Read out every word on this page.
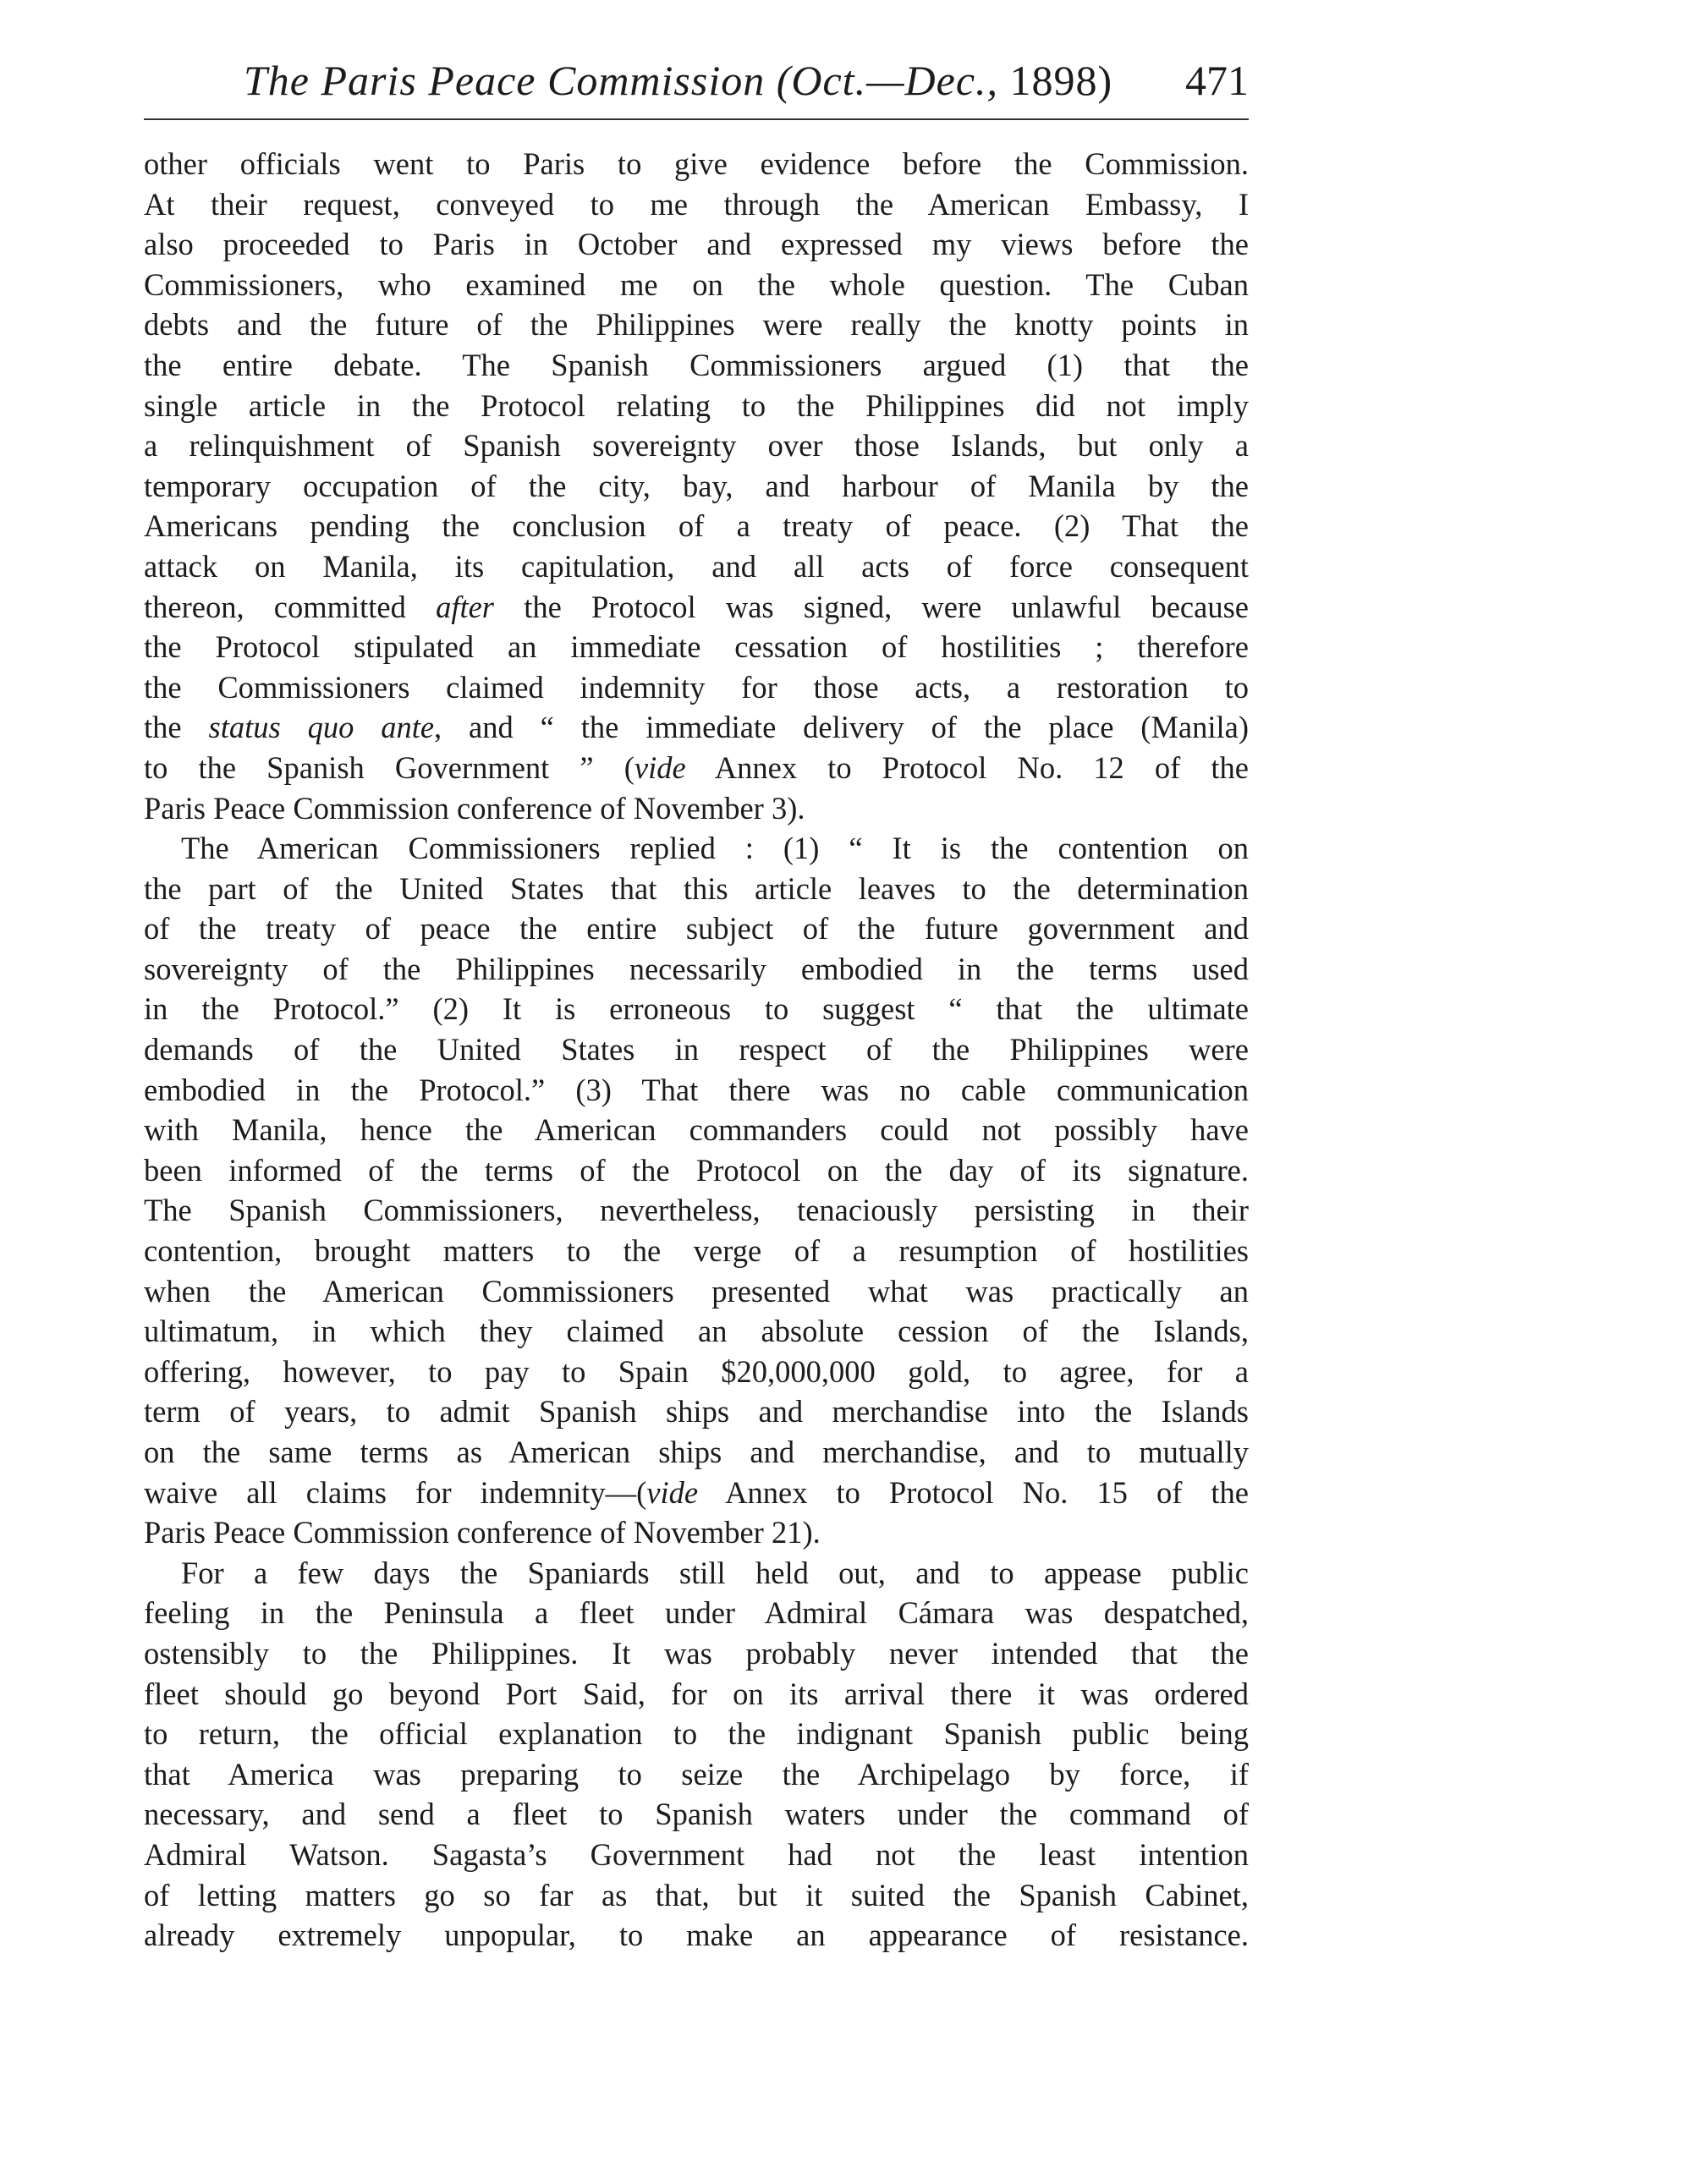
The Paris Peace Commission (Oct.—Dec., 1898) 471
other officials went to Paris to give evidence before the Commission.
At their request, conveyed to me through the American Embassy, I
also proceeded to Paris in October and expressed my views before the
Commissioners, who examined me on the whole question. The Cuban
debts and the future of the Philippines were really the knotty points in
the entire debate. The Spanish Commissioners argued (1) that the
single article in the Protocol relating to the Philippines did not imply
a relinquishment of Spanish sovereignty over those Islands, but only a
temporary occupation of the city, bay, and harbour of Manila by the
Americans pending the conclusion of a treaty of peace. (2) That the
attack on Manila, its capitulation, and all acts of force consequent
thereon, committed after the Protocol was signed, were unlawful because
the Protocol stipulated an immediate cessation of hostilities ; therefore
the Commissioners claimed indemnity for those acts, a restoration to
the status quo ante, and “ the immediate delivery of the place (Manila)
to the Spanish Government ” (vide Annex to Protocol No. 12 of the
Paris Peace Commission conference of November 3).
The American Commissioners replied : (1) “ It is the contention on
the part of the United States that this article leaves to the determination
of the treaty of peace the entire subject of the future government and
sovereignty of the Philippines necessarily embodied in the terms used
in the Protocol.” (2) It is erroneous to suggest “ that the ultimate
demands of the United States in respect of the Philippines were
embodied in the Protocol.” (3) That there was no cable communication
with Manila, hence the American commanders could not possibly have
been informed of the terms of the Protocol on the day of its signature.
The Spanish Commissioners, nevertheless, tenaciously persisting in their
contention, brought matters to the verge of a resumption of hostilities
when the American Commissioners presented what was practically an
ultimatum, in which they claimed an absolute cession of the Islands,
offering, however, to pay to Spain $20,000,000 gold, to agree, for a
term of years, to admit Spanish ships and merchandise into the Islands
on the same terms as American ships and merchandise, and to mutually
waive all claims for indemnity—(vide Annex to Protocol No. 15 of the
Paris Peace Commission conference of November 21).
For a few days the Spaniards still held out, and to appease public
feeling in the Peninsula a fleet under Admiral Cámara was despatched,
ostensibly to the Philippines. It was probably never intended that the
fleet should go beyond Port Said, for on its arrival there it was ordered
to return, the official explanation to the indignant Spanish public being
that America was preparing to seize the Archipelago by force, if
necessary, and send a fleet to Spanish waters under the command of
Admiral Watson. Sagasta’s Government had not the least intention
of letting matters go so far as that, but it suited the Spanish Cabinet,
already extremely unpopular, to make an appearance of resistance.
